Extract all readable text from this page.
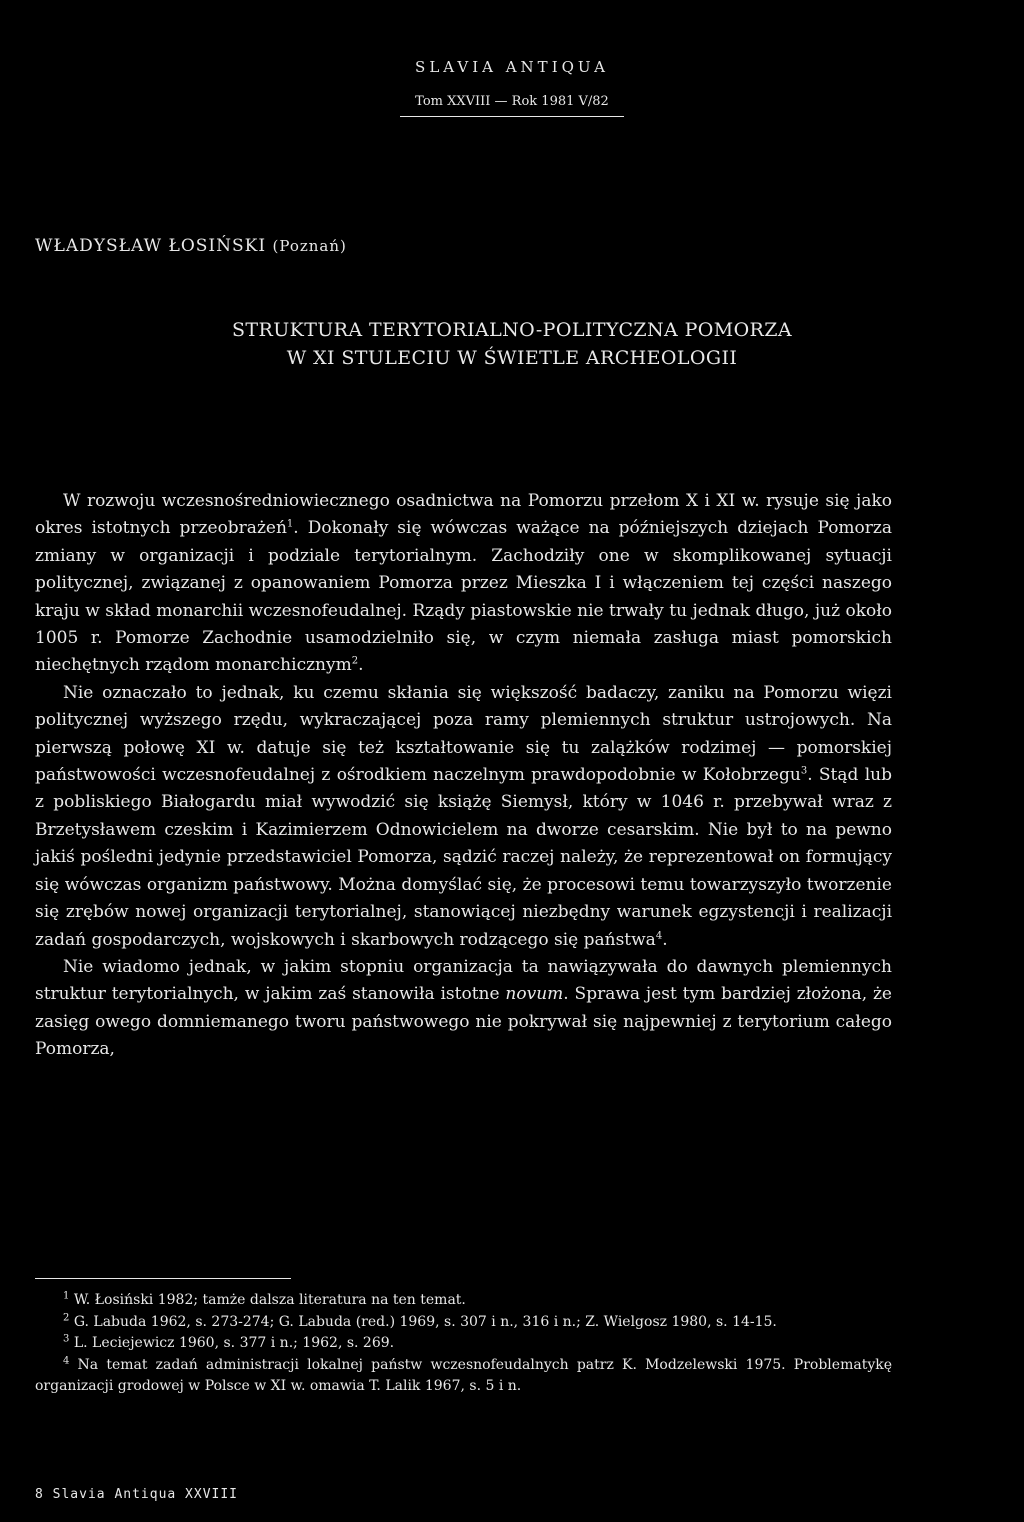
SLAVIA ANTIQUA
Tom XXVIII — Rok 1981 V/82
WŁADYSŁAW ŁOSIŃSKI (Poznań)
STRUKTURA TERYTORIALNO-POLITYCZNA POMORZA
W XI STULECIU W ŚWIETLE ARCHEOLOGII

W rozwoju wczesnośredniowiecznego osadnictwa na Pomorzu przełom X i XI w. rysuje się jako okres istotnych przeobrażeń$^1$. Dokonały się wówczas ważące na późniejszych dziejach Pomorza zmiany w organizacji i podziale terytorialnym. Zachodziły one w skomplikowanej sytuacji politycznej, związanej z opanowaniem Pomorza przez Mieszka I i włączeniem tej części naszego kraju w skład monarchii wczesnofeudalnej. Rządy piastowskie nie trwały tu jednak długo, już około 1005 r. Pomorze Zachodnie usamodzielniło się, w czym niemała zasługa miast pomorskich niechętnych rządom monarchicznym$^2$.

Nie oznaczało to jednak, ku czemu skłania się większość badaczy, zaniku na Pomorzu więzi politycznej wyższego rzędu, wykraczającej poza ramy plemiennych struktur ustrojowych. Na pierwszą połowę XI w. datuje się też kształtowanie się tu zalążków rodzimej — pomorskiej państwowości wczesnofeudalnej z ośrodkiem naczelnym prawdopodobnie w Kołobrzegu$^3$. Stąd lub z pobliskiego Białogardu miał wywodzić się książę Siemysł, który w 1046 r. przebywał wraz z Brzetysławem czeskim i Kazimierzem Odnowicielem na dworze cesarskim. Nie był to na pewno jakiś pośledni jedynie przedstawiciel Pomorza, sądzić raczej należy, że reprezentował on formujący się wówczas organizm państwowy. Można domyślać się, że procesowi temu towarzyszyło tworzenie się zrębów nowej organizacji terytorialnej, stanowiącej niezbędny warunek egzystencji i realizacji zadań gospodarczych, wojskowych i skarbowych rodzącego się państwa$^4$.

Nie wiadomo jednak, w jakim stopniu organizacja ta nawiązywała do dawnych plemiennych struktur terytorialnych, w jakim zaś stanowiła istotne novum. Sprawa jest tym bardziej złożona, że zasięg owego domniemanego tworu państwowego nie pokrywał się najpewniej z terytorium całego Pomorza,

$^1$ W. Łosiński 1982; tamże dalsza literatura na ten temat.

$^2$ G. Labuda 1962, s. 273-274; G. Labuda (red.) 1969, s. 307 i n., 316 i n.; Z. Wielgosz 1980, s. 14-15.

$^3$ L. Leciejewicz 1960, s. 377 i n.; 1962, s. 269.

$^4$ Na temat zadań administracji lokalnej państw wczesnofeudalnych patrz K. Modzelewski 1975. Problematykę organizacji grodowej w Polsce w XI w. omawia T. Lalik 1967, s. 5 i n.

8 Slavia Antiqua XXVIII
